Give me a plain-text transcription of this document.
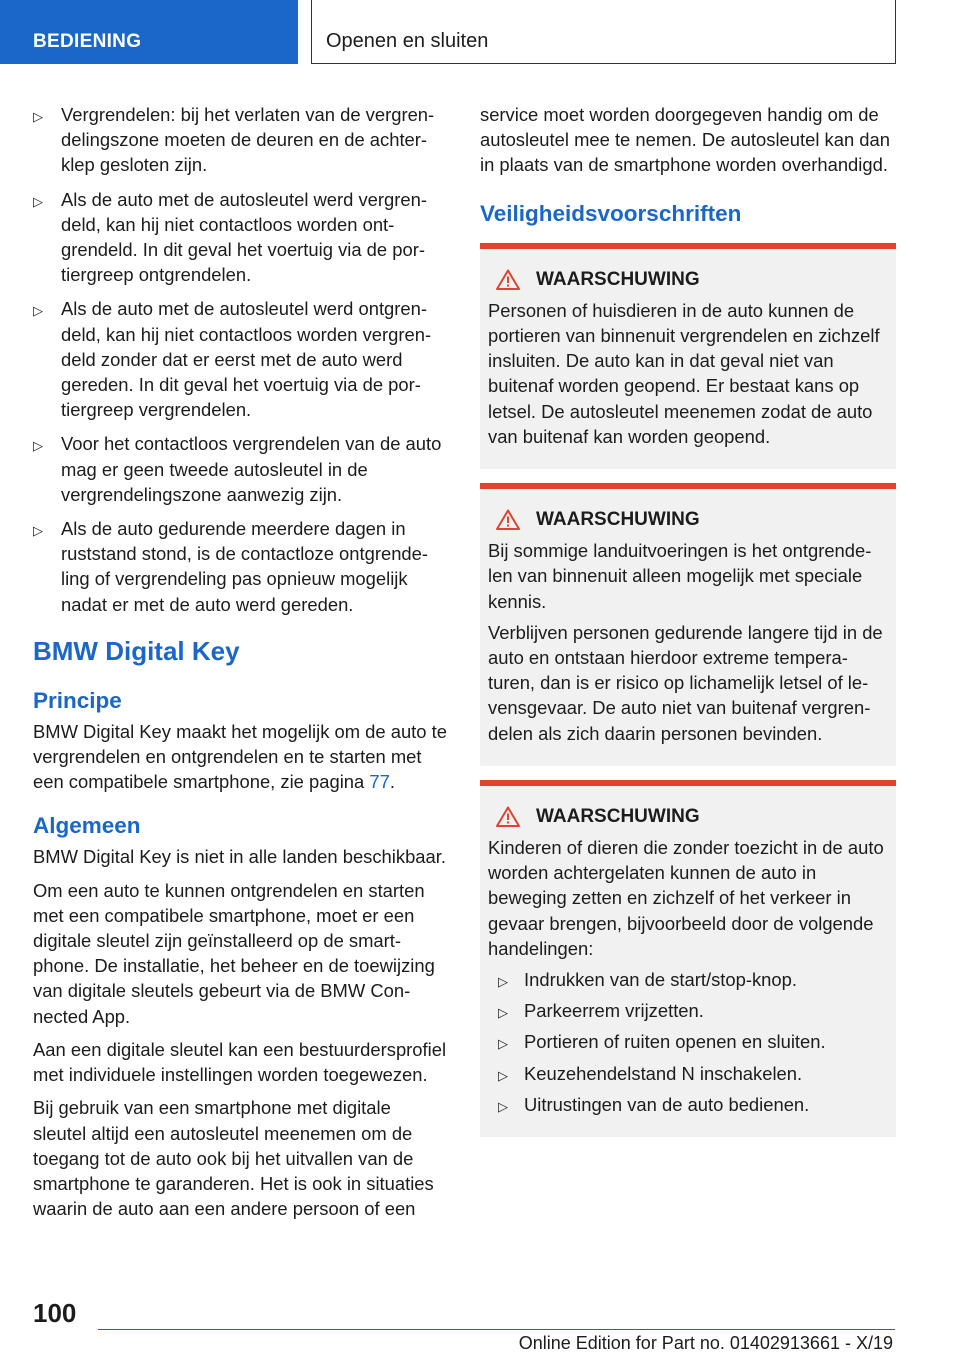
BEDIENING	Openen en sluiten
▷ Vergrendelen: bij het verlaten van de vergrendelingszone moeten de deuren en de achterklep gesloten zijn.
▷ Als de auto met de autosleutel werd vergrendeld, kan hij niet contactloos worden ontgrendeld. In dit geval het voertuig via de portiergreep ontgrendelen.
▷ Als de auto met de autosleutel werd ontgrendeld, kan hij niet contactloos worden vergrendeld zonder dat er eerst met de auto werd gereden. In dit geval het voertuig via de portiergreep vergrendelen.
▷ Voor het contactloos vergrendelen van de auto mag er geen tweede autosleutel in de vergrendelingszone aanwezig zijn.
▷ Als de auto gedurende meerdere dagen in ruststand stond, is de contactloze ontgrendeling of vergrendeling pas opnieuw mogelijk nadat er met de auto werd gereden.
BMW Digital Key
Principe

BMW Digital Key maakt het mogelijk om de auto te vergrendelen en ontgrendelen en te starten met een compatibele smartphone, zie pagina 77.

Algemeen

BMW Digital Key is niet in alle landen beschikbaar.

Om een auto te kunnen ontgrendelen en starten met een compatibele smartphone, moet er een digitale sleutel zijn geïnstalleerd op de smartphone. De installatie, het beheer en de toewijzing van digitale sleutels gebeurt via de BMW Connected App.

Aan een digitale sleutel kan een bestuurdersprofiel met individuele instellingen worden toegewezen.

Bij gebruik van een smartphone met digitale sleutel altijd een autosleutel meenemen om de toegang tot de auto ook bij het uitvallen van de smartphone te garanderen. Het is ook in situaties waarin de auto aan een andere persoon of een

service moet worden doorgegeven handig om de autosleutel mee te nemen. De autosleutel kan dan in plaats van de smartphone worden overhandigd.

Veiligheidsvoorschriften
WAARSCHUWING

Personen of huisdieren in de auto kunnen de portieren van binnenuit vergrendelen en zichzelf insluiten. De auto kan in dat geval niet van buitenaf worden geopend. Er bestaat kans op letsel. De autosleutel meenemen zodat de auto van buitenaf kan worden geopend.

WAARSCHUWING

Bij sommige landuitvoeringen is het ontgrendelen van binnenuit alleen mogelijk met speciale kennis.

Verblijven personen gedurende langere tijd in de auto en ontstaan hierdoor extreme temperaturen, dan is er risico op lichamelijk letsel of levensgevaar. De auto niet van buitenaf vergrendelen als zich daarin personen bevinden.

WAARSCHUWING

Kinderen of dieren die zonder toezicht in de auto worden achtergelaten kunnen de auto in beweging zetten en zichzelf of het verkeer in gevaar brengen, bijvoorbeeld door de volgende handelingen:

▷ Indrukken van de start/stop-knop.
▷ Parkeerrem vrijzetten.
▷ Portieren of ruiten openen en sluiten.
▷ Keuzehendelstand N inschakelen.
▷ Uitrustingen van de auto bedienen.
100
Online Edition for Part no. 01402913661 - X/19
